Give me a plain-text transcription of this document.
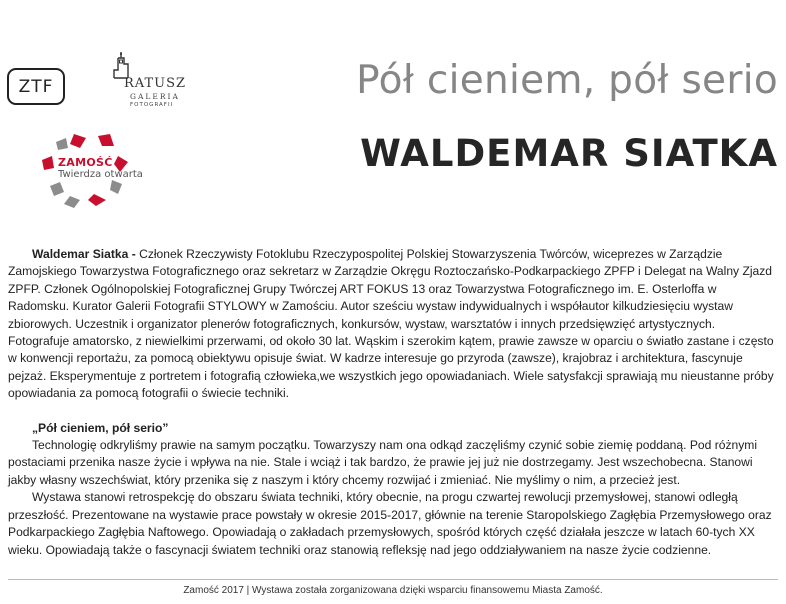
ZTF	RATUSZ
GALERIA
FOTOGRAFII
ZAMOŚĆ
Twierdza otwarta
Pół cieniem, pół serio
WALDEMAR SIATKA

Waldemar Siatka - Członek Rzeczywisty Fotoklubu Rzeczypospolitej Polskiej Stowarzyszenia Twórców, wiceprezes w Zarządzie Zamojskiego Towarzystwa Fotograficznego oraz sekretarz w Zarządzie Okręgu Roztoczańsko-Podkarpackiego ZPFP i Delegat na Walny Zjazd ZPFP. Członek Ogólnopolskiej Fotograficznej Grupy Twórczej ART FOKUS 13 oraz Towarzystwa Fotograficznego im. E. Osterloffa w Radomsku. Kurator Galerii Fotografii STYLOWY w Zamościu. Autor sześciu wystaw indywidualnych i współautor kilkudziesięciu wystaw zbiorowych. Uczestnik i organizator plenerów fotograficznych, konkursów, wystaw, warsztatów i innych przedsięwzięć artystycznych. Fotografuje amatorsko, z niewielkimi przerwami, od około 30 lat. Wąskim i szerokim kątem, prawie zawsze w oparciu o światło zastane i często w konwencji reportażu, za pomocą obiektywu opisuje świat. W kadrze interesuje go przyroda (zawsze), krajobraz i architektura, fascynuje pejzaż. Eksperymentuje z portretem i fotografią człowieka,we wszystkich jego opowiadaniach. Wiele satysfakcji sprawiają mu nieustanne próby opowiadania za pomocą fotografii o świecie techniki.

„Pół cieniem, pół serio”

Technologię odkryliśmy prawie na samym początku. Towarzyszy nam ona odkąd zaczęliśmy czynić sobie ziemię poddaną. Pod różnymi postaciami przenika nasze życie i wpływa na nie. Stale i wciąż i tak bardzo, że prawie jej już nie dostrzegamy. Jest wszechobecna. Stanowi jakby własny wszechświat, który przenika się z naszym i który chcemy rozwijać i zmieniać. Nie myślimy o nim, a przecież jest.

Wystawa stanowi retrospekcję do obszaru świata techniki, który obecnie, na progu czwartej rewolucji przemysłowej, stanowi odległą przeszłość. Prezentowane na wystawie prace powstały w okresie 2015-2017, głównie na terenie Staropolskiego Zagłębia Przemysłowego oraz Podkarpackiego Zagłębia Naftowego. Opowiadają o zakładach przemysłowych, spośród których część działała jeszcze w latach 60-tych XX wieku. Opowiadają także o fascynacji światem techniki oraz stanowią refleksję nad jego oddziaływaniem na nasze życie codzienne.

Zamość 2017 | Wystawa została zorganizowana dzięki wsparciu finansowemu Miasta Zamość.
